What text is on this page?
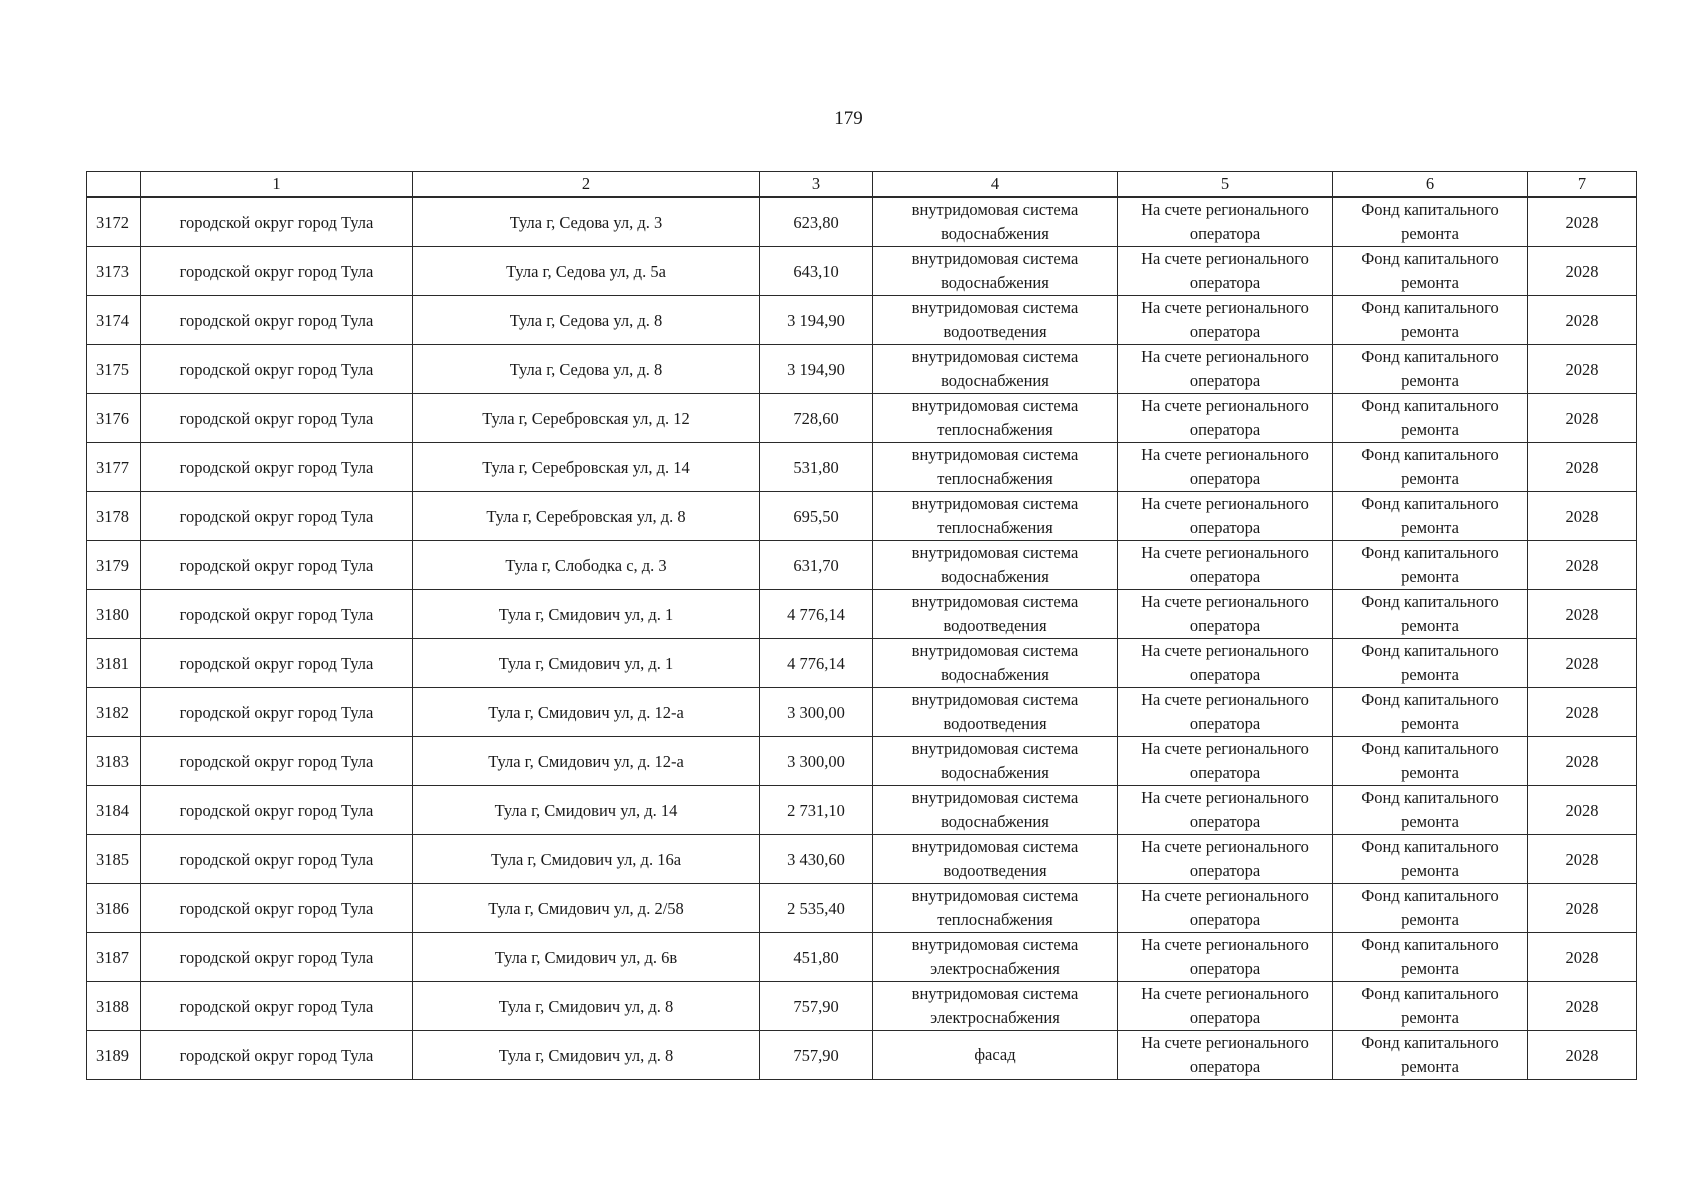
179
	1	2	3	4	5	6	7
3172	городской округ город Тула	Тула г, Седова ул, д. 3	623,80	внутридомовая система
водоснабжения	На счете регионального
оператора	Фонд капитального
ремонта	2028
3173	городской округ город Тула	Тула г, Седова ул, д. 5а	643,10	внутридомовая система
водоснабжения	На счете регионального
оператора	Фонд капитального
ремонта	2028
3174	городской округ город Тула	Тула г, Седова ул, д. 8	3 194,90	внутридомовая система
водоотведения	На счете регионального
оператора	Фонд капитального
ремонта	2028
3175	городской округ город Тула	Тула г, Седова ул, д. 8	3 194,90	внутридомовая система
водоснабжения	На счете регионального
оператора	Фонд капитального
ремонта	2028
3176	городской округ город Тула	Тула г, Серебровская ул, д. 12	728,60	внутридомовая система
теплоснабжения	На счете регионального
оператора	Фонд капитального
ремонта	2028
3177	городской округ город Тула	Тула г, Серебровская ул, д. 14	531,80	внутридомовая система
теплоснабжения	На счете регионального
оператора	Фонд капитального
ремонта	2028
3178	городской округ город Тула	Тула г, Серебровская ул, д. 8	695,50	внутридомовая система
теплоснабжения	На счете регионального
оператора	Фонд капитального
ремонта	2028
3179	городской округ город Тула	Тула г, Слободка с, д. 3	631,70	внутридомовая система
водоснабжения	На счете регионального
оператора	Фонд капитального
ремонта	2028
3180	городской округ город Тула	Тула г, Смидович ул, д. 1	4 776,14	внутридомовая система
водоотведения	На счете регионального
оператора	Фонд капитального
ремонта	2028
3181	городской округ город Тула	Тула г, Смидович ул, д. 1	4 776,14	внутридомовая система
водоснабжения	На счете регионального
оператора	Фонд капитального
ремонта	2028
3182	городской округ город Тула	Тула г, Смидович ул, д. 12-а	3 300,00	внутридомовая система
водоотведения	На счете регионального
оператора	Фонд капитального
ремонта	2028
3183	городской округ город Тула	Тула г, Смидович ул, д. 12-а	3 300,00	внутридомовая система
водоснабжения	На счете регионального
оператора	Фонд капитального
ремонта	2028
3184	городской округ город Тула	Тула г, Смидович ул, д. 14	2 731,10	внутридомовая система
водоснабжения	На счете регионального
оператора	Фонд капитального
ремонта	2028
3185	городской округ город Тула	Тула г, Смидович ул, д. 16а	3 430,60	внутридомовая система
водоотведения	На счете регионального
оператора	Фонд капитального
ремонта	2028
3186	городской округ город Тула	Тула г, Смидович ул, д. 2/58	2 535,40	внутридомовая система
теплоснабжения	На счете регионального
оператора	Фонд капитального
ремонта	2028
3187	городской округ город Тула	Тула г, Смидович ул, д. 6в	451,80	внутридомовая система
электроснабжения	На счете регионального
оператора	Фонд капитального
ремонта	2028
3188	городской округ город Тула	Тула г, Смидович ул, д. 8	757,90	внутридомовая система
электроснабжения	На счете регионального
оператора	Фонд капитального
ремонта	2028
3189	городской округ город Тула	Тула г, Смидович ул, д. 8	757,90	фасад	На счете регионального
оператора	Фонд капитального
ремонта	2028
